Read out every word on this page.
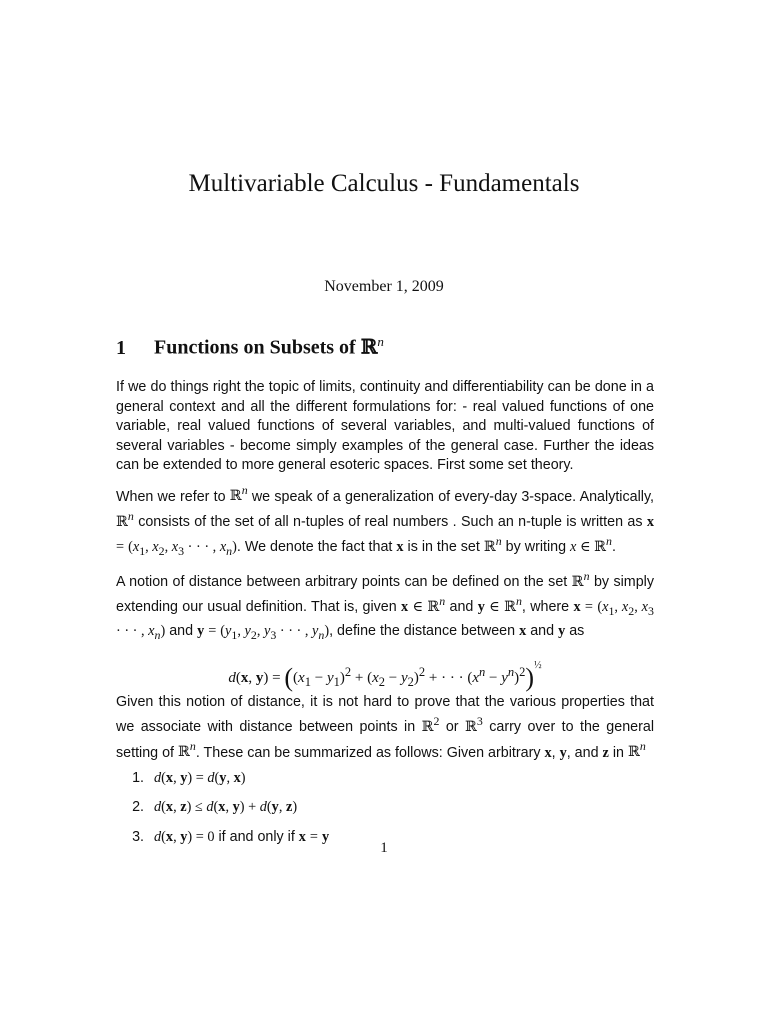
Multivariable Calculus - Fundamentals
November 1, 2009
1 Functions on Subsets of ℝ$^n$

If we do things right the topic of limits, continuity and differentiability can be done in a general context and all the different formulations for: - real valued functions of one variable, real valued functions of several variables, and multi-valued functions of several variables - become simply examples of the general case. Further the ideas can be extended to more general esoteric spaces. First some set theory.

When we refer to ℝ$^n$ we speak of a generalization of every-day 3-space. Analytically, ℝ$^n$ consists of the set of all n-tuples of real numbers . Such an n-tuple is written as $x = (x_1$, $x_2$, $x_3$ · · · , $x_n$). We denote the fact that x is in the set ℝ$^n$ by writing x ∈ ℝ$^n$.

A notion of distance between arbitrary points can be defined on the set ℝ$^n$ by simply extending our usual definition. That is, given x ∈ ℝ$^n$ and y ∈ ℝ$^n$, where $x = (x_1$, $x_2$, $x_3$ · · · , $x_n$) and $y = (y_1$, $y_2$, $y_3$ · · · , $y_n$), define the distance between x and y as

d(x, $y) = ((x_1 - y_1)^2 + (x_2 - y_2)^2$ + · · · $(x^n - y^n)^2)^{\frac{1}{2}}$

Given this notion of distance, it is not hard to prove that the various properties that we associate with distance between points in ℝ$^2$ or ℝ$^3$ carry over to the general setting of ℝ$^n$. These can be summarized as follows: Given arbitrary x, y, and z in ℝ$^n$

1. d(x, y) = d(y, x)
2. d(x, z) ≤ d(x, y) + d(y, z)
3. d(x, y) = 0 if and only if x = y
1
